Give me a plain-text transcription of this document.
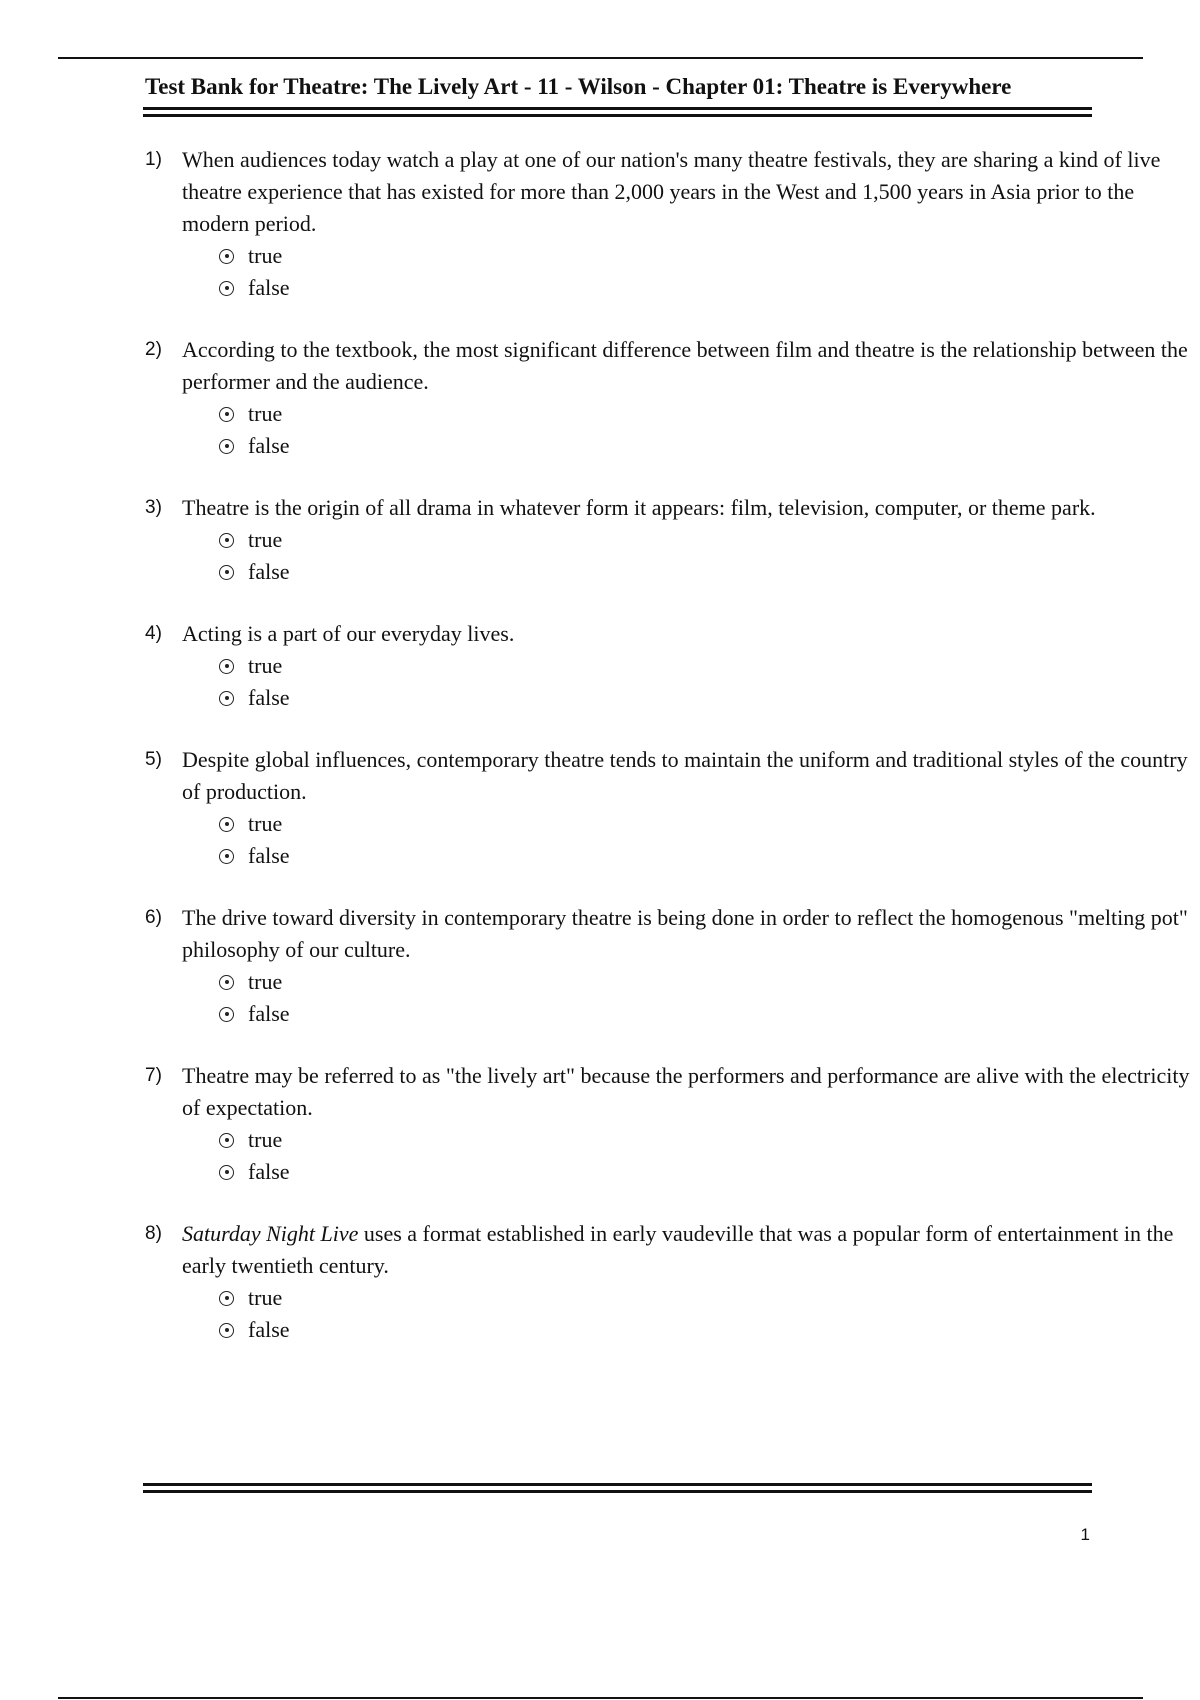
Test Bank for Theatre: The Lively Art - 11 - Wilson - Chapter 01: Theatre is Everywhere
1) When audiences today watch a play at one of our nation's many theatre festivals, they are sharing a kind of live theatre experience that has existed for more than 2,000 years in the West and 1,500 years in Asia prior to the modern period.
true
false
2) According to the textbook, the most significant difference between film and theatre is the relationship between the performer and the audience.
true
false
3) Theatre is the origin of all drama in whatever form it appears: film, television, computer, or theme park.
true
false
4) Acting is a part of our everyday lives.
true
false
5) Despite global influences, contemporary theatre tends to maintain the uniform and traditional styles of the country of production.
true
false
6) The drive toward diversity in contemporary theatre is being done in order to reflect the homogenous "melting pot" philosophy of our culture.
true
false
7) Theatre may be referred to as "the lively art" because the performers and performance are alive with the electricity of expectation.
true
false
8) Saturday Night Live uses a format established in early vaudeville that was a popular form of entertainment in the early twentieth century.
true
false
1
